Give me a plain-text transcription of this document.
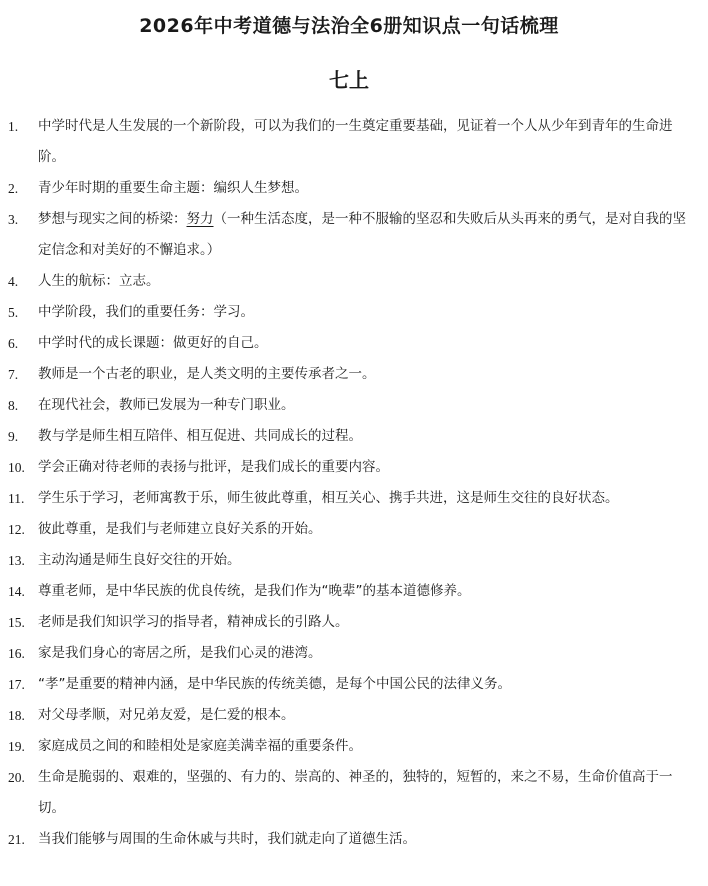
2026年中考道德与法治全6册知识点一句话梳理
七上
1.	中学时代是人生发展的一个新阶段，可以为我们的一生奠定重要基础，见证着一个人从少年到青年的生命进阶。
2.	青少年时期的重要生命主题：编织人生梦想。
3.	梦想与现实之间的桥梁：努力（一种生活态度，是一种不服输的坚忍和失败后从头再来的勇气，是对自我的坚定信念和对美好的不懈追求。）
4.	人生的航标：立志。
5.	中学阶段，我们的重要任务：学习。
6.	中学时代的成长课题：做更好的自己。
7.	教师是一个古老的职业，是人类文明的主要传承者之一。
8.	在现代社会，教师已发展为一种专门职业。
9.	教与学是师生相互陪伴、相互促进、共同成长的过程。
10. 学会正确对待老师的表扬与批评，是我们成长的重要内容。
11.	学生乐于学习，老师寓教于乐，师生彼此尊重，相互关心、携手共进，这是师生交往的良好状态。
12. 彼此尊重，是我们与老师建立良好关系的开始。
13. 主动沟通是师生良好交往的开始。
14. 尊重老师，是中华民族的优良传统，是我们作为“晚辈”的基本道德修养。
15. 老师是我们知识学习的指导者，精神成长的引路人。
16. 家是我们身心的寄居之所，是我们心灵的港湾。
17. “孝”是重要的精神内涵，是中华民族的传统美德，是每个中国公民的法律义务。
18. 对父母孝顺，对兄弟友爱，是仁爱的根本。
19. 家庭成员之间的和睦相处是家庭美满幸福的重要条件。
20. 生命是脆弱的、艰难的，坚强的、有力的、崇高的、神圣的，独特的，短暂的，来之不易，生命价值高于一切。
21. 当我们能够与周围的生命休戚与共时，我们就走向了道德生活。
